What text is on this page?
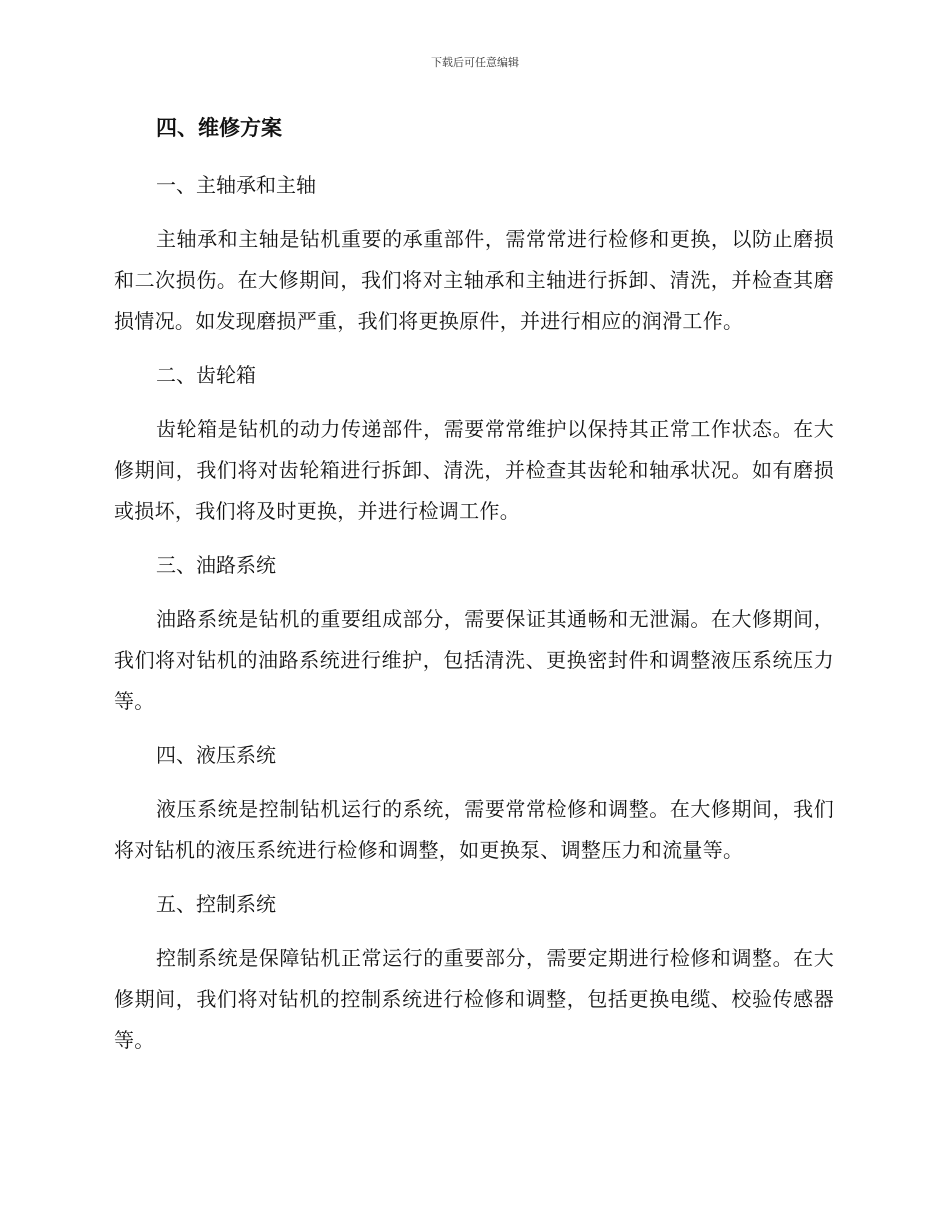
下载后可任意编辑
四、维修方案
一、主轴承和主轴

主轴承和主轴是钻机重要的承重部件，需常常进行检修和更换，以防止磨损和二次损伤。在大修期间，我们将对主轴承和主轴进行拆卸、清洗，并检查其磨损情况。如发现磨损严重，我们将更换原件，并进行相应的润滑工作。

二、齿轮箱

齿轮箱是钻机的动力传递部件，需要常常维护以保持其正常工作状态。在大修期间，我们将对齿轮箱进行拆卸、清洗，并检查其齿轮和轴承状况。如有磨损或损坏，我们将及时更换，并进行检调工作。

三、油路系统

油路系统是钻机的重要组成部分，需要保证其通畅和无泄漏。在大修期间，我们将对钻机的油路系统进行维护，包括清洗、更换密封件和调整液压系统压力等。

四、液压系统

液压系统是控制钻机运行的系统，需要常常检修和调整。在大修期间，我们将对钻机的液压系统进行检修和调整，如更换泵、调整压力和流量等。

五、控制系统

控制系统是保障钻机正常运行的重要部分，需要定期进行检修和调整。在大修期间，我们将对钻机的控制系统进行检修和调整，包括更换电缆、校验传感器等。
